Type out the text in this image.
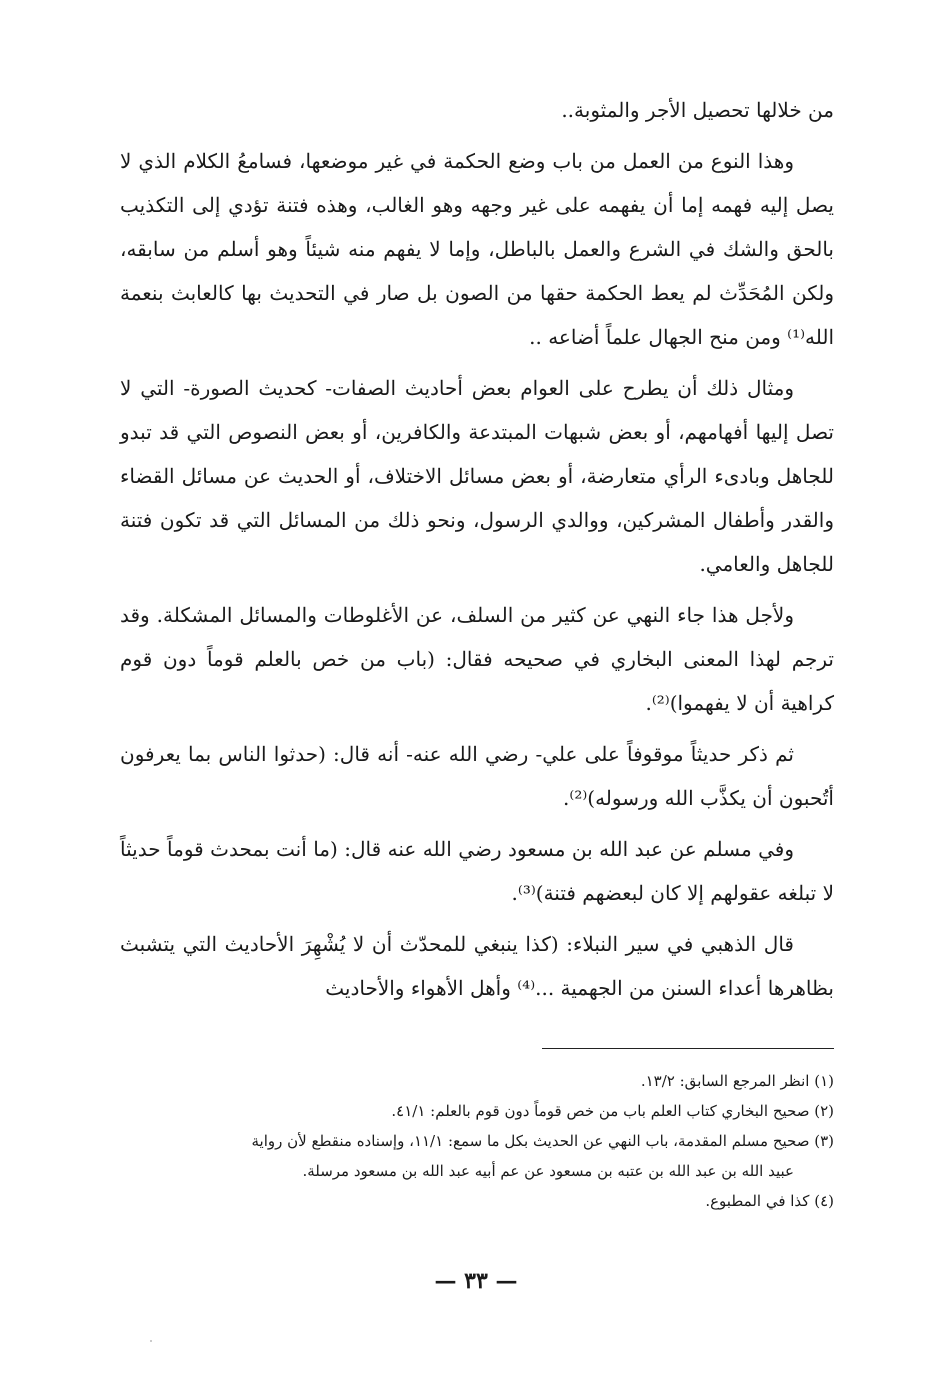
من خلالها تحصيل الأجر والمثوبة..

وهذا النوع من العمل من باب وضع الحكمة في غير موضعها، فسامعُ الكلام الذي لا يصل إليه فهمه إما أن يفهمه على غير وجهه وهو الغالب، وهذه فتنة تؤدي إلى التكذيب بالحق والشك في الشرع والعمل بالباطل، وإما لا يفهم منه شيئاً وهو أسلم من سابقه، ولكن المُحَدِّث لم يعط الحكمة حقها من الصون بل صار في التحديث بها كالعابث بنعمة الله⁽¹⁾ ومن منح الجهال علماً أضاعه ..

ومثال ذلك أن يطرح على العوام بعض أحاديث الصفات- كحديث الصورة- التي لا تصل إليها أفهامهم، أو بعض شبهات المبتدعة والكافرين، أو بعض النصوص التي قد تبدو للجاهل وبادىء الرأي متعارضة، أو بعض مسائل الاختلاف، أو الحديث عن مسائل القضاء والقدر وأطفال المشركين، ووالدي الرسول، ونحو ذلك من المسائل التي قد تكون فتنة للجاهل والعامي.

ولأجل هذا جاء النهي عن كثير من السلف، عن الأغلوطات والمسائل المشكلة. وقد ترجم لهذا المعنى البخاري في صحيحه فقال: (باب من خص بالعلم قوماً دون قوم كراهية أن لا يفهموا)⁽²⁾.

ثم ذكر حديثاً موقوفاً على علي- رضي الله عنه- أنه قال: (حدثوا الناس بما يعرفون أتُحبون أن يكذَّب الله ورسوله)⁽²⁾.

وفي مسلم عن عبد الله بن مسعود رضي الله عنه قال: (ما أنت بمحدث قوماً حديثاً لا تبلغه عقولهم إلا كان لبعضهم فتنة)⁽³⁾.

قال الذهبي في سير النبلاء: (كذا ينبغي للمحدّث أن لا يُشْهِرَ الأحاديث التي يتشبث بظاهرها أعداء السنن من الجهمية ...⁽⁴⁾ وأهل الأهواء والأحاديث

(١) انظر المرجع السابق: ١٣/٢.

(٢) صحيح البخاري كتاب العلم باب من خص قوماً دون قوم بالعلم: ٤١/١.

(٣) صحيح مسلم المقدمة، باب النهي عن الحديث بكل ما سمع: ١١/١، وإسناده منقطع لأن رواية

عبيد الله بن عبد الله بن عتبه بن مسعود عن عم أبيه عبد الله بن مسعود مرسلة.

(٤) كذا في المطبوع.

— ٣٣ —
